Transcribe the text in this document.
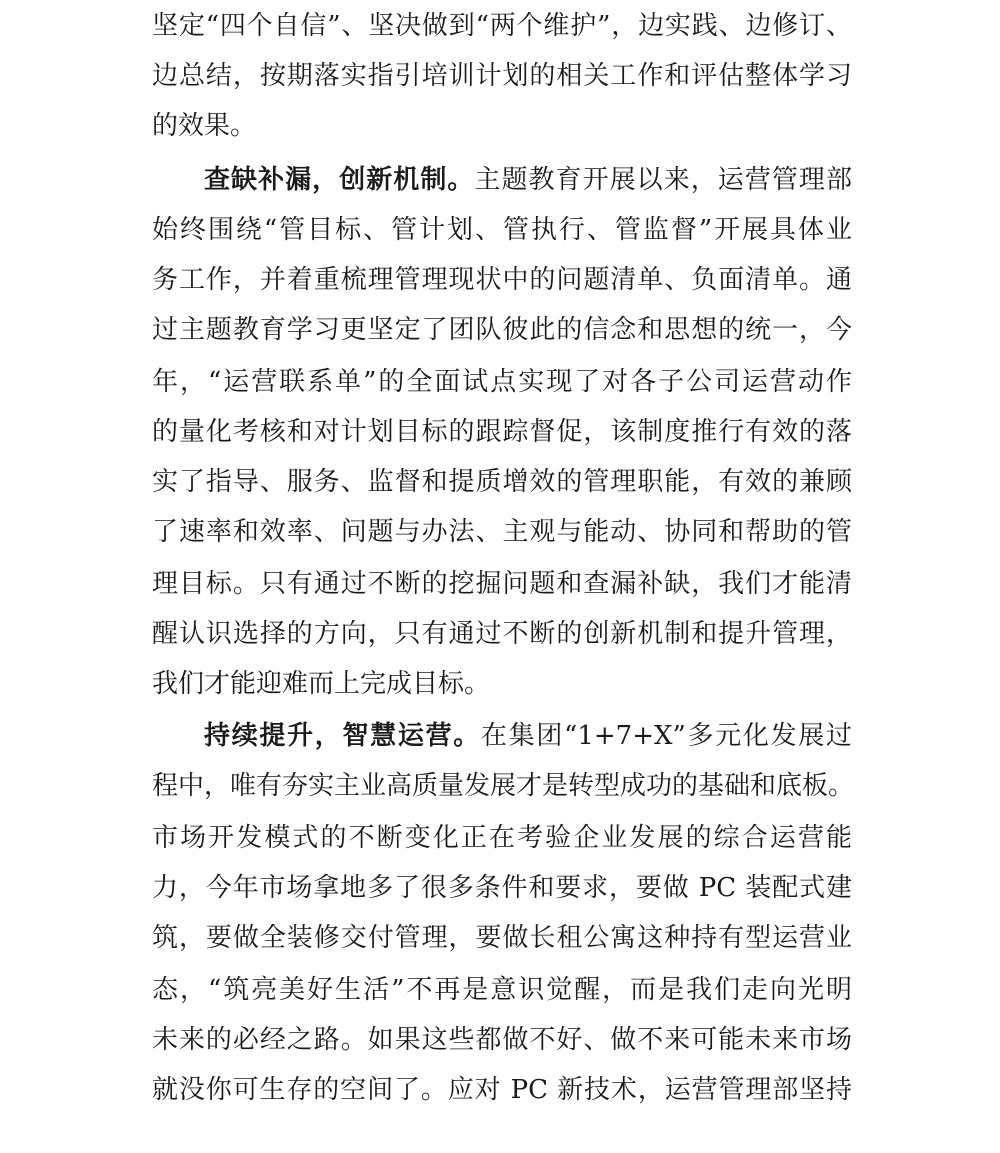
坚定“四个自信”、坚决做到“两个维护”，边实践、边修订、
边总结，按期落实指引培训计划的相关工作和评估整体学习
的效果。
查缺补漏，创新机制。主题教育开展以来，运营管理部
始终围绕“管目标、管计划、管执行、管监督”开展具体业
务工作，并着重梳理管理现状中的问题清单、负面清单。通
过主题教育学习更坚定了团队彼此的信念和思想的统一，今
年，“运营联系单”的全面试点实现了对各子公司运营动作
的量化考核和对计划目标的跟踪督促，该制度推行有效的落
实了指导、服务、监督和提质增效的管理职能，有效的兼顾
了速率和效率、问题与办法、主观与能动、协同和帮助的管
理目标。只有通过不断的挖掘问题和查漏补缺，我们才能清
醒认识选择的方向，只有通过不断的创新机制和提升管理，
我们才能迎难而上完成目标。
持续提升，智慧运营。在集团“1+7+X”多元化发展过
程中，唯有夯实主业高质量发展才是转型成功的基础和底板。
市场开发模式的不断变化正在考验企业发展的综合运营能
力，今年市场拿地多了很多条件和要求，要做 PC 装配式建
筑，要做全装修交付管理，要做长租公寓这种持有型运营业
态，“筑亮美好生活”不再是意识觉醒，而是我们走向光明
未来的必经之路。如果这些都做不好、做不来可能未来市场
就没你可生存的空间了。应对 PC 新技术，运营管理部坚持
